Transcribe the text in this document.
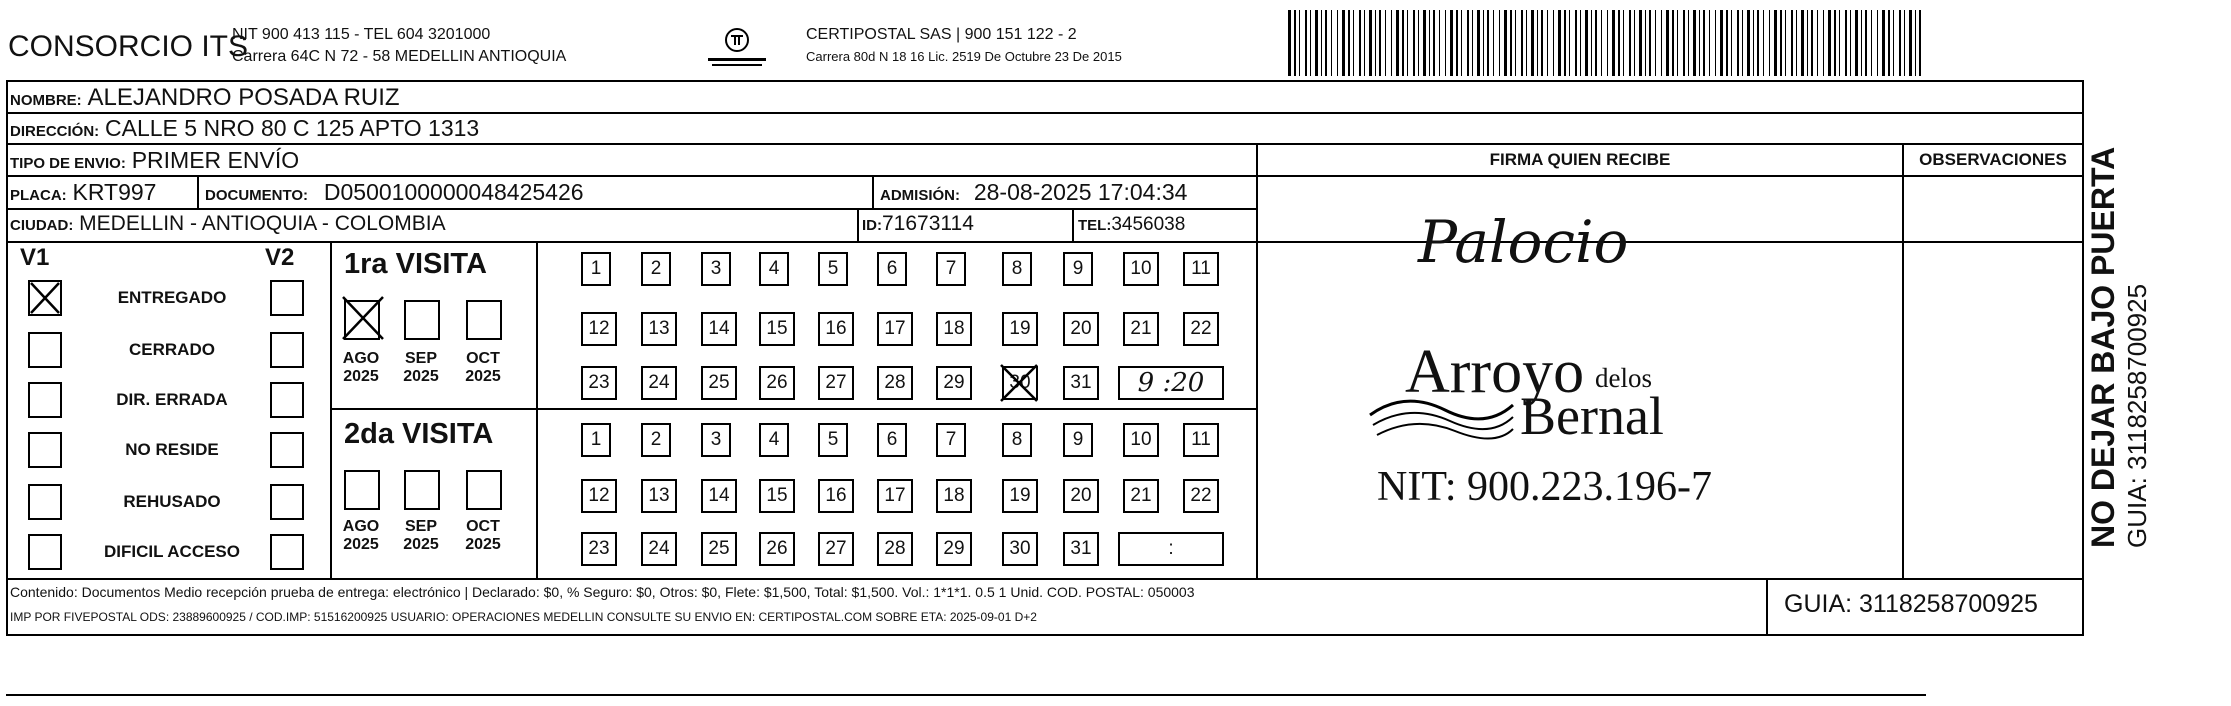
CONSORCIO ITS
NIT 900 413 115 - TEL 604 3201000
Carrera 64C N 72 - 58 MEDELLIN ANTIOQUIA
CERTIPOSTAL SAS | 900 151 122 - 2
Carrera 80d N 18 16 Lic. 2519 De Octubre 23 De 2015
NOMBRE: ALEJANDRO POSADA RUIZ
DIRECCIÓN: CALLE 5 NRO 80 C 125 APTO 1313
TIPO DE ENVIO: PRIMER ENVÍO
PLACA: KRT997	DOCUMENTO: D0500100000048425426	ADMISIÓN: 28-08-2025 17:04:34
CIUDAD: MEDELLIN - ANTIOQUIA - COLOMBIA	ID:71673114	TEL:3456038
FIRMA QUIEN RECIBE	OBSERVACIONES
Palocio
Arroyo delos
Bernal
NIT: 900.223.196-7
V1	V2
ENTREGADO
CERRADO
DIR. ERRADA
NO RESIDE
REHUSADO
DIFICIL ACCESO
1ra VISITA
2da VISITA
AGO
2025
SEP
2025
OCT
2025
AGO
2025
SEP
2025
OCT
2025
1	2	3	4	5	6	7	8	9	10	11
12	13	14	15	16	17	18	19	20	21	22
23	24	25	26	27	28	29	30	31	9 :20
1	2	3	4	5	6	7	8	9	10	11
12	13	14	15	16	17	18	19	20	21	22
23	24	25	26	27	28	29	30	31	:
Contenido: Documentos Medio recepción prueba de entrega: electrónico | Declarado: $0, % Seguro: $0, Otros: $0, Flete: $1,500, Total: $1,500. Vol.: 1*1*1. 0.5 1 Unid. COD. POSTAL: 050003
IMP POR FIVEPOSTAL ODS: 23889600925 / COD.IMP: 51516200925 USUARIO: OPERACIONES MEDELLIN CONSULTE SU ENVIO EN: CERTIPOSTAL.COM SOBRE ETA: 2025-09-01 D+2	GUIA: 3118258700925
NO DEJAR BAJO PUERTA GUIA: 3118258700925
